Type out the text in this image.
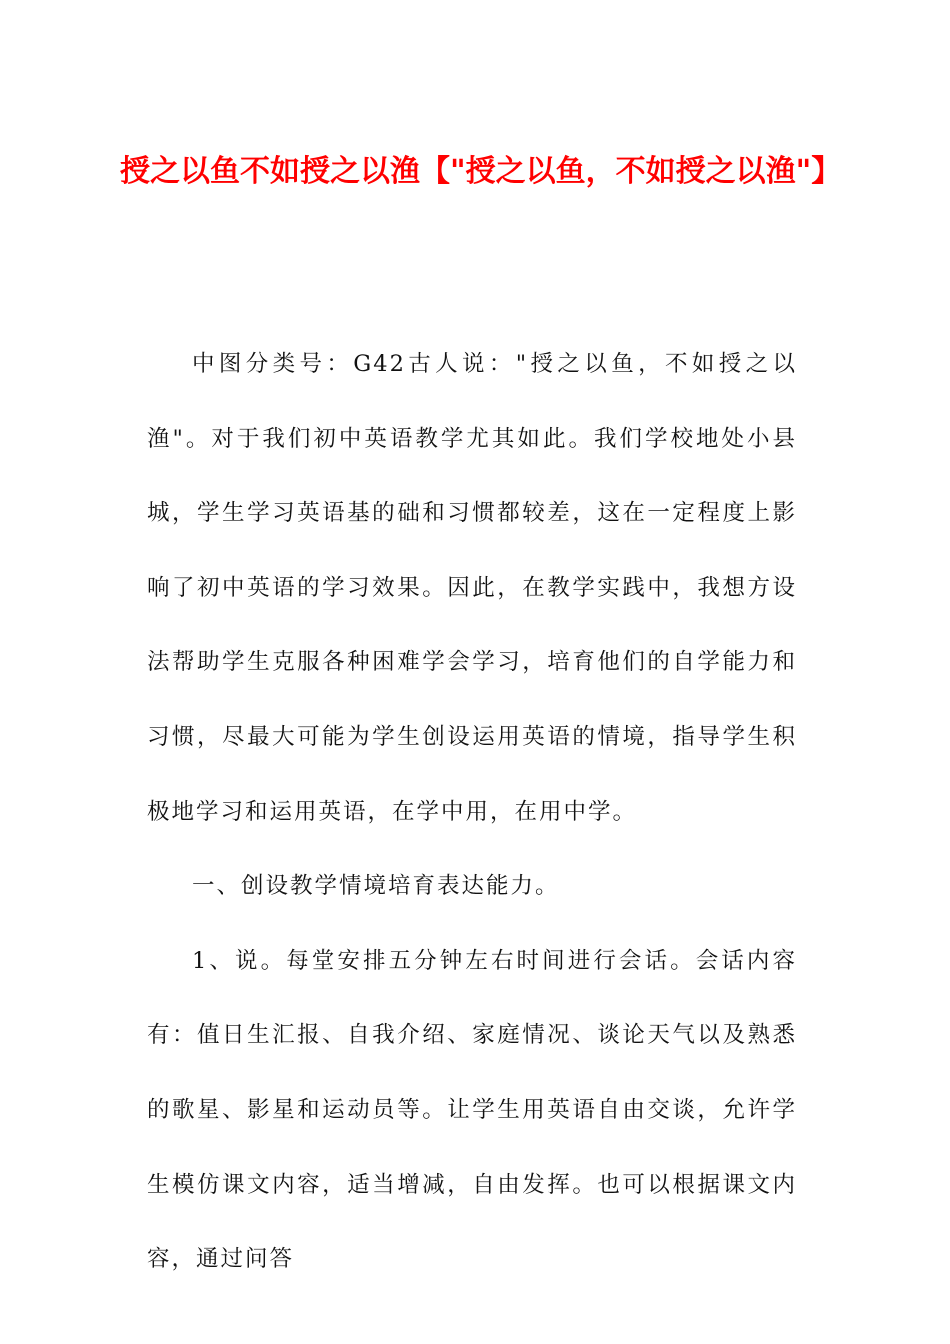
授之以鱼不如授之以渔【"授之以鱼，不如授之以渔"】

中图分类号：G42古人说："授之以鱼，不如授之以渔"。对于我们初中英语教学尤其如此。我们学校地处小县城，学生学习英语基的础和习惯都较差，这在一定程度上影响了初中英语的学习效果。因此，在教学实践中，我想方设法帮助学生克服各种困难学会学习，培育他们的自学能力和习惯，尽最大可能为学生创设运用英语的情境，指导学生积极地学习和运用英语，在学中用，在用中学。

一、创设教学情境培育表达能力。

1、说。每堂安排五分钟左右时间进行会话。会话内容有：值日生汇报、自我介绍、家庭情况、谈论天气以及熟悉的歌星、影星和运动员等。让学生用英语自由交谈，允许学生模仿课文内容，适当增减，自由发挥。也可以根据课文内容，通过问答
